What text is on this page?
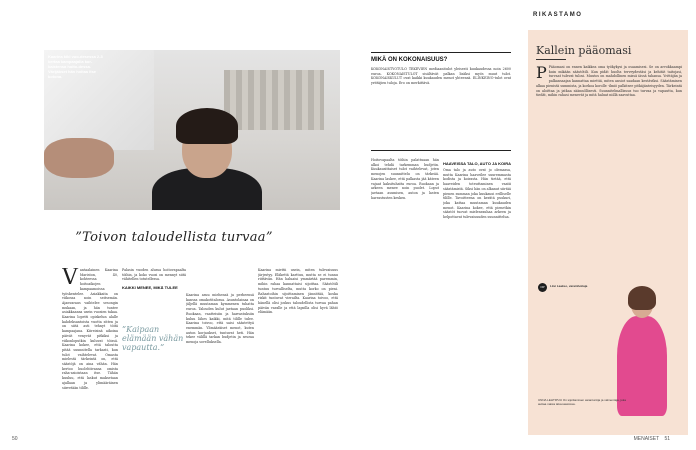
Kaarina kiki vuo-desessa 2-3 kertaa kampaajalla kor-kaistensa hoito-dessa. Värijäkset hän hoitaa itse kotona.
”Toivon taloudellista turvaa”
V antaalainen Kaarina Mariston, 40, kohteessa hoitoaikojen kampaamoissa työskentelee. Asiakkaita on viikossa noin seitsemän. Ajanvaraus vaihtelee sesongin mukaan, ja hän tuntee asiakkaansa usein vuosien takaa. Kaarina lopetti opiskelun alalle kahdeksantoista vuotta sitten ja on siitä asti tehnyt töitä kampaajana. Kiireisinä aikoina päivät venyvät pitkiksi ja viikonloputkin kuluvat töissä. Kaarina kokee, että taloutta pitää suunnitella tarkasti, kun tulot vaihtelevat. Omasta mielestä tärkeintä on, että säästöjä on aina vähän. Hän kertoo huolehtivansa omista raha-asioistaan itse. Tähän kuuluu, että laskut maksetaan ajallaan ja ylimääräinen siirretään tilille.
Palasin vuoden alussa hoitovapaalta töihin, ja koko vuosi on mennyt siitä vähitellen totutellessa.
KAIKKI MENEE, MIKÄ TULEE
”Kaipaan elämään vähän vapautta.”
Kaarina asuu miehensä ja perheensä kanssa omakotitalossa. Asuntolainaa on jäljellä muutaman kymmenen tuhatta euroa. Talouden kulut jaetaan puoliksi. Ruokaan, vaatteisiin ja harrastuksiin kuluu lähes kaikki, mitä tilille tulee. Kaarina toivoo, että saisi säästettyä enemmän. Ylimääräiset menot, kuten auton korjaukset, tuntuvat heti. Hän tekee välillä tarkan budjetin ja seuraa menoja sovelluksella.
Kaarina miettii usein, miten tulevaisuus järjestyy. Eläkettä karttuu, mutta se ei tunnu riittävän. Hän haluaisi ymmärtää paremmin, mihin rahaa kannattaisi sijoittaa. Säästötili tuntuu turvalliselta, mutta korko on pieni. Rahastoihin sijoittaminen jännittää, koska riskit tuntuvat vierailta. Kaarina toivoo, että hänellä olisi joskus taloudellista turvaa pahan päivän varalle ja että lapsilla olisi hyvä lähtö elämään.
50
MIKÄ ON KOKONAISUUS?
KOKONAISTYÖTULO TEKEVIEN mediaanitulot yleisesti kuukaudessa noin 2600 euroa. KOKONAISTULOT sisältävät palkan lisäksi myös muut tulot. KOKONAISKULUT ovat kaikki kuukauden menot yhteensä. ELINKEINO-tulot ovat yrittäjien tuloja. Ero on merkittävä.
Hoitovapaalta töihin palattuaan hän alkoi tehdä tarkemman budjetin. Kuukausittaiset tulot vaihtelevat, joten menojen suunnittelu on tärkeää. Kaarina laskee, että palkasta jää käteen vajaat kaksituhatta euroa. Ruokaan ja arkeen menee noin puolet. Loput jaetaan asumisen, auton ja lasten harrastusten kesken.
HAAVEISSA TALO, AUTO JA KOIRA
Oma talo ja auto ovat jo olemassa, mutta Kaarina haaveilee suuremmasta kodista ja koirasta. Hän tietää, että haaveiden toteuttaminen vaatii säästämistä. Siksi hän on alkanut siirtää pienen summan joka kuukausi erilliselle tilille. Tavoitteena on kerätä puskuri, joka kattaa muutaman kuukauden menot. Kaarina kokee, että pienetkin säästöt tuovat mielenrauhaa arkeen ja helpottavat tulevaisuuden suunnittelua.
RIKASTAMO
Kallein pääomasi
P Pääomasi on ennen kaikkea oma työkykysi ja osaamisesi. Se on arvokkaampi kuin mikään säästötili. Kun pidät huolta terveydestäsi ja kehität taitojasi, turvaat tulevat tulosi. Muutos on mahdollinen missä iässä tahansa. Yrittäjän ja palkansaajan kannattaa miettiä, miten ansiot saadaan kestäviksi. Säästäminen alkaa pienistä summista, ja korkoa korolle -ilmiö palkitsee pitkäjänteisyyden. Tärkeintä on aloittaa ja jatkaa säännöllisesti. Suunnitelmallisuus tuo turvaa ja vapautta, kun tiedät, mihin rahasi menevät ja mitä haluat niillä saavuttaa.
OP	Liisi Laakso, varainhoitaja
UNNA LEHTIPUU On sijoittamisen asiantuntija ja valmentaja, joka auttaa naisia talousasioissa.
MENAISET 51
